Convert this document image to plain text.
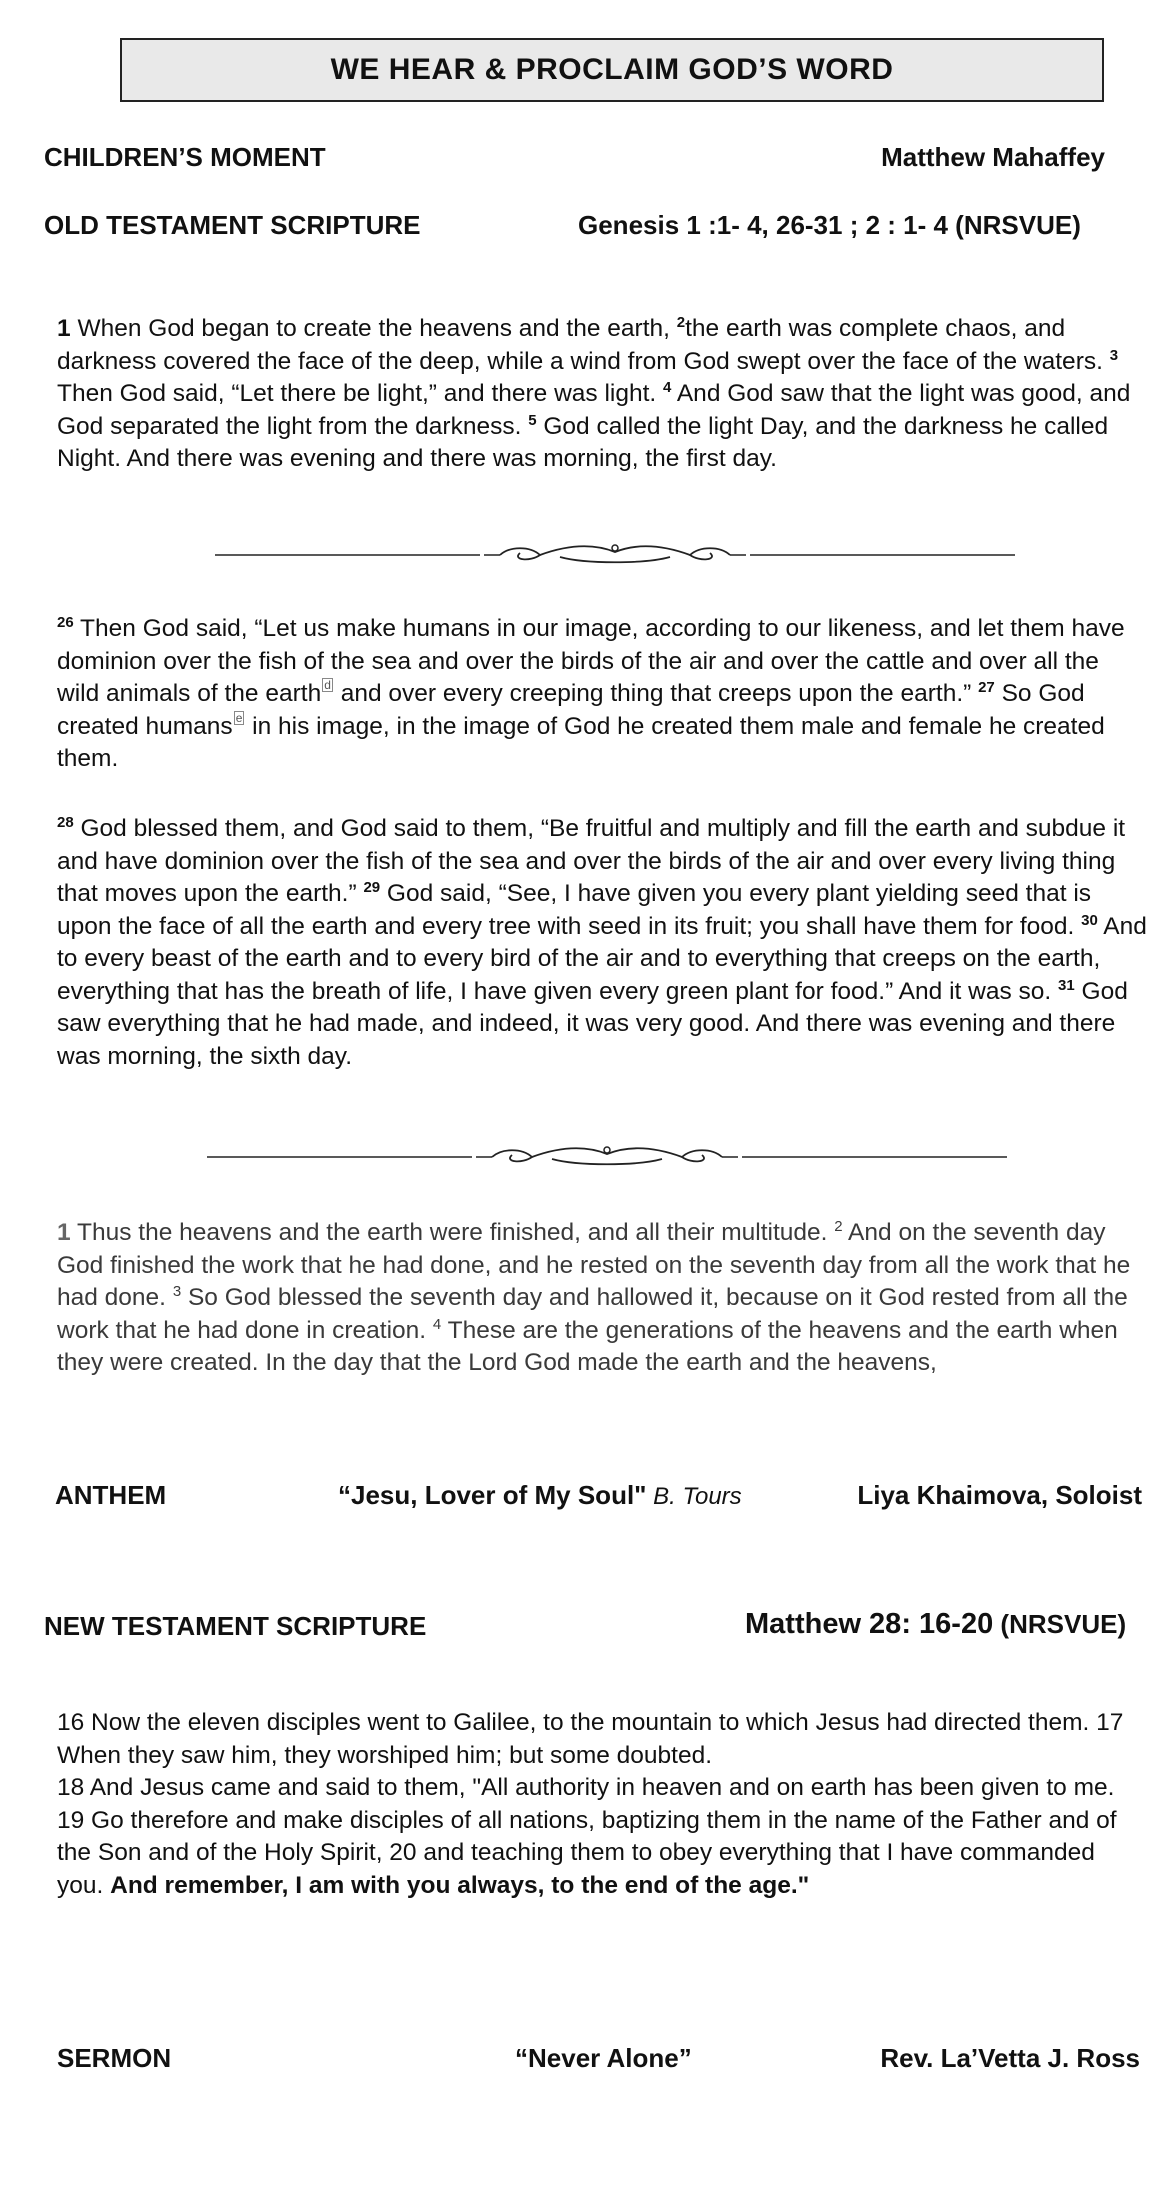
WE HEAR & PROCLAIM GOD’S WORD
CHILDREN’S MOMENT	Matthew Mahaffey
OLD TESTAMENT SCRIPTURE	Genesis 1 :1- 4, 26-31 ; 2 : 1- 4 (NRSVUE)
1 When God began to create the heavens and the earth, $^2$the earth was complete chaos, and darkness covered the face of the deep, while a wind from God swept over the face of the waters. $^3$ Then God said, “Let there be light,” and there was light. $^4$ And God saw that the light was good, and God separated the light from the darkness. $^5$ God called the light Day, and the darkness he called Night. And there was evening and there was morning, the first day.
$^{26}$ Then God said, “Let us make humans in our image, according to our likeness, and let them have dominion over the fish of the sea and over the birds of the air and over the cattle and over all the wild animals of the earth d and over every creeping thing that creeps upon the earth.” $^{27}$ So God created humans e in his image, in the image of God he created them male and female he created them.
$^{28}$ God blessed them, and God said to them, “Be fruitful and multiply and fill the earth and subdue it and have dominion over the fish of the sea and over the birds of the air and over every living thing that moves upon the earth.” $^{29}$ God said, “See, I have given you every plant yielding seed that is upon the face of all the earth and every tree with seed in its fruit; you shall have them for food. $^{30}$ And to every beast of the earth and to every bird of the air and to everything that creeps on the earth, everything that has the breath of life, I have given every green plant for food.” And it was so. $^{31}$ God saw everything that he had made, and indeed, it was very good. And there was evening and there was morning, the sixth day.
1 Thus the heavens and the earth were finished, and all their multitude. $^2$ And on the seventh day God finished the work that he had done, and he rested on the seventh day from all the work that he had done. $^3$ So God blessed the seventh day and hallowed it, because on it God rested from all the work that he had done in creation. $^4$ These are the generations of the heavens and the earth when they were created. In the day that the Lord God made the earth and the heavens,
ANTHEM	“Jesu, Lover of My Soul" B. Tours	Liya Khaimova, Soloist
NEW TESTAMENT SCRIPTURE	Matthew 28: 16-20 (NRSVUE)
16 Now the eleven disciples went to Galilee, to the mountain to which Jesus had directed them. 17 When they saw him, they worshiped him; but some doubted.
18 And Jesus came and said to them, "All authority in heaven and on earth has been given to me. 19 Go therefore and make disciples of all nations, baptizing them in the name of the Father and of the Son and of the Holy Spirit, 20 and teaching them to obey everything that I have commanded you. And remember, I am with you always, to the end of the age."
SERMON	“Never Alone”	Rev. La’Vetta J. Ross
